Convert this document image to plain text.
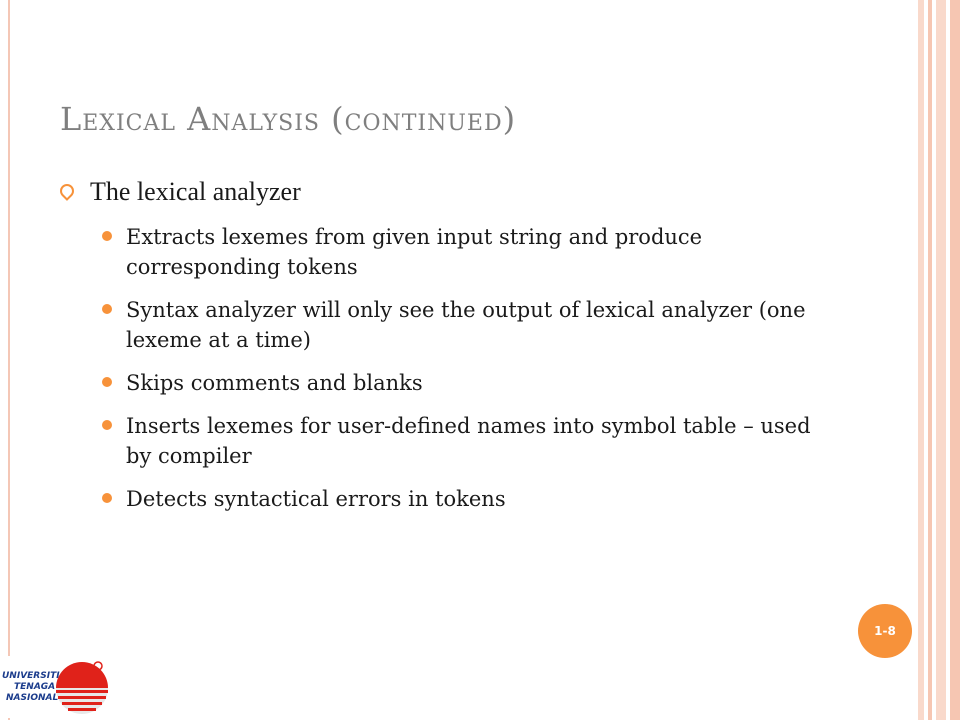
Lexical Analysis (continued)
The lexical analyzer
Extracts lexemes from given input string and produce corresponding tokens
Syntax analyzer will only see the output of lexical analyzer (one lexeme at a time)
Skips comments and blanks
Inserts lexemes for user-defined names into symbol table – used by compiler
Detects syntactical errors in tokens
1-8
UNIVERSITI
TENAGA
NASIONAL
